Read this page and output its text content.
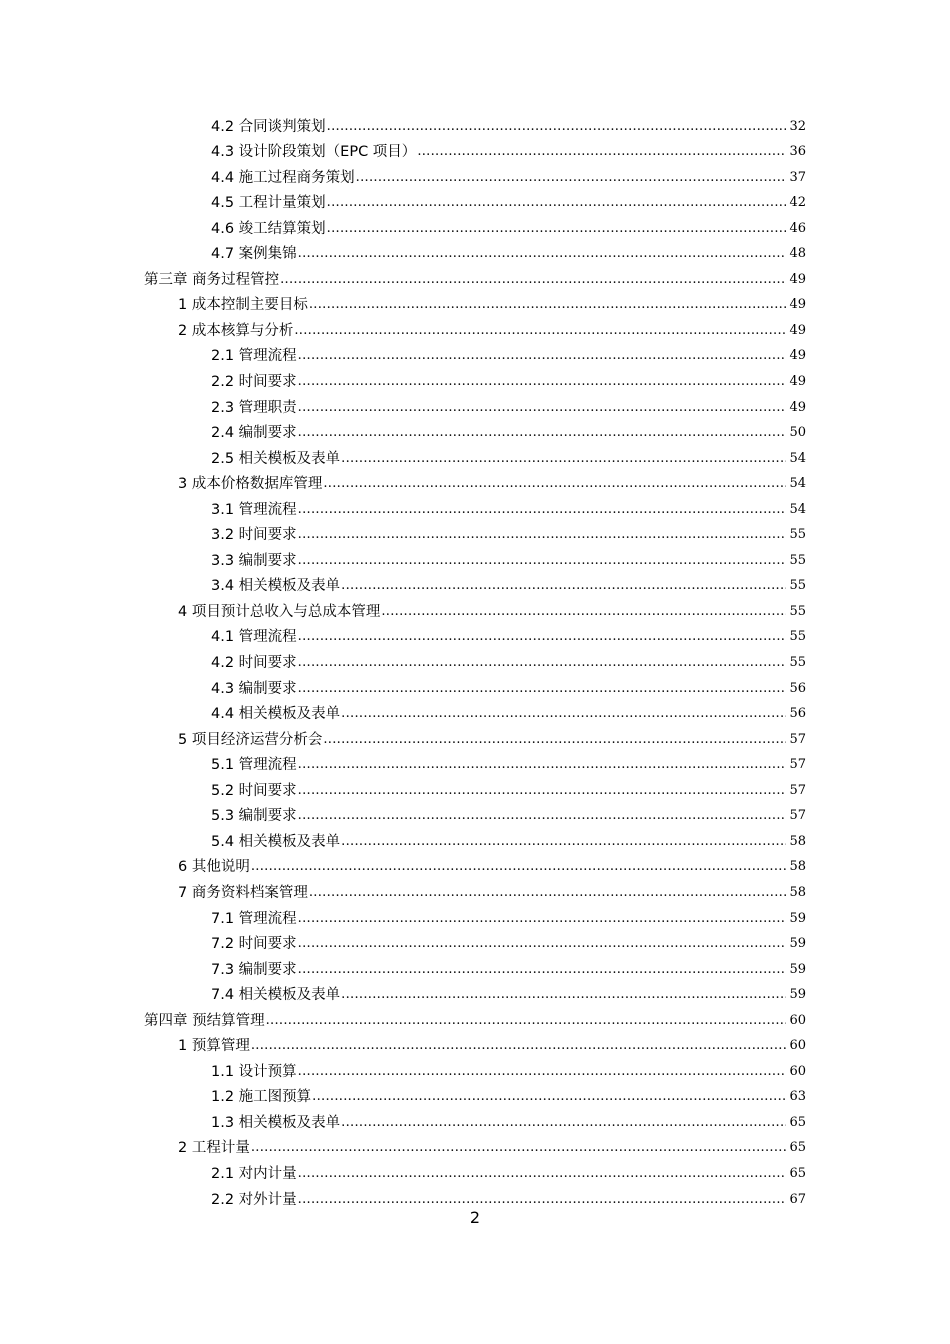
4.2 合同谈判策划 .....	32
4.3 设计阶段策划（EPC 项目） .....	36
4.4 施工过程商务策划 .....	37
4.5 工程计量策划 .....	42
4.6 竣工结算策划 .....	46
4.7 案例集锦 .....	48
第三章 商务过程管控 .....	49
1 成本控制主要目标 .....	49
2 成本核算与分析 .....	49
2.1 管理流程 .....	49
2.2 时间要求 .....	49
2.3 管理职责 .....	49
2.4 编制要求 .....	50
2.5 相关模板及表单 .....	54
3 成本价格数据库管理 .....	54
3.1 管理流程 .....	54
3.2 时间要求 .....	55
3.3 编制要求 .....	55
3.4 相关模板及表单 .....	55
4 项目预计总收入与总成本管理 .....	55
4.1 管理流程 .....	55
4.2 时间要求 .....	55
4.3 编制要求 .....	56
4.4 相关模板及表单 .....	56
5 项目经济运营分析会 .....	57
5.1 管理流程 .....	57
5.2 时间要求 .....	57
5.3 编制要求 .....	57
5.4 相关模板及表单 .....	58
6 其他说明 .....	58
7 商务资料档案管理 .....	58
7.1 管理流程 .....	59
7.2 时间要求 .....	59
7.3 编制要求 .....	59
7.4 相关模板及表单 .....	59
第四章 预结算管理 .....	60
1 预算管理 .....	60
1.1 设计预算 .....	60
1.2 施工图预算 .....	63
1.3 相关模板及表单 .....	65
2 工程计量 .....	65
2.1 对内计量 .....	65
2.2 对外计量 .....	67
2
